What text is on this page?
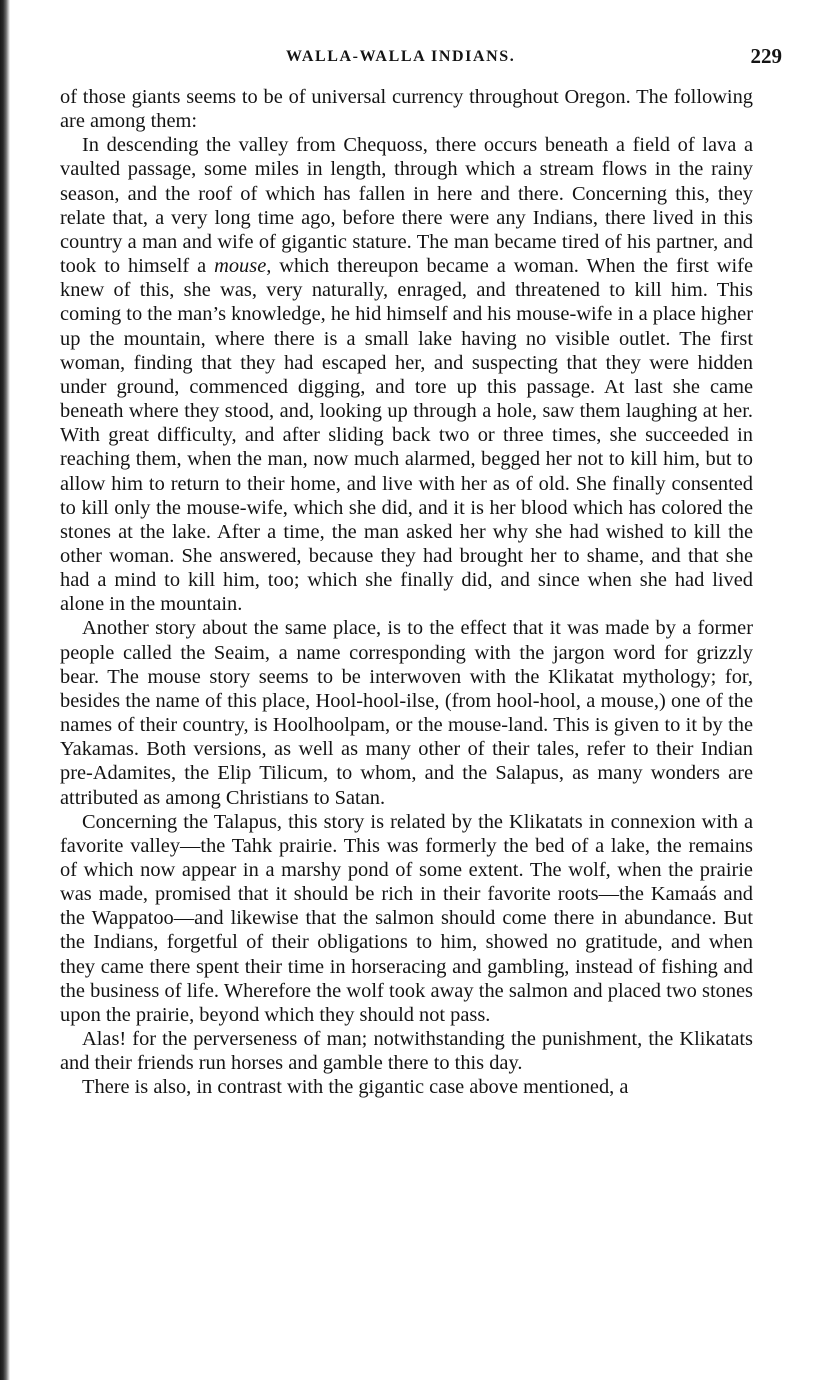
WALLA-WALLA INDIANS.	229

of those giants seems to be of universal currency throughout Oregon. The following are among them:

In descending the valley from Chequoss, there occurs beneath a field of lava a vaulted passage, some miles in length, through which a stream flows in the rainy season, and the roof of which has fallen in here and there. Concerning this, they relate that, a very long time ago, before there were any Indians, there lived in this country a man and wife of gigantic stature. The man became tired of his partner, and took to himself a mouse, which thereupon became a woman. When the first wife knew of this, she was, very naturally, enraged, and threatened to kill him. This coming to the man’s knowledge, he hid himself and his mouse-wife in a place higher up the mountain, where there is a small lake having no visible outlet. The first woman, finding that they had escaped her, and suspecting that they were hidden under ground, commenced digging, and tore up this passage. At last she came beneath where they stood, and, looking up through a hole, saw them laughing at her. With great difficulty, and after sliding back two or three times, she succeeded in reaching them, when the man, now much alarmed, begged her not to kill him, but to allow him to return to their home, and live with her as of old. She finally consented to kill only the mouse-wife, which she did, and it is her blood which has colored the stones at the lake. After a time, the man asked her why she had wished to kill the other woman. She answered, because they had brought her to shame, and that she had a mind to kill him, too; which she finally did, and since when she had lived alone in the mountain.

Another story about the same place, is to the effect that it was made by a former people called the Seaim, a name corresponding with the jargon word for grizzly bear. The mouse story seems to be interwoven with the Klikatat mythology; for, besides the name of this place, Hool-hool-ilse, (from hool-hool, a mouse,) one of the names of their country, is Hoolhoolpam, or the mouse-land. This is given to it by the Yakamas. Both versions, as well as many other of their tales, refer to their Indian pre-Adamites, the Elip Tilicum, to whom, and the Salapus, as many wonders are attributed as among Christians to Satan.

Concerning the Talapus, this story is related by the Klikatats in connexion with a favorite valley—the Tahk prairie. This was formerly the bed of a lake, the remains of which now appear in a marshy pond of some extent. The wolf, when the prairie was made, promised that it should be rich in their favorite roots—the Kamaás and the Wappatoo—and likewise that the salmon should come there in abundance. But the Indians, forgetful of their obligations to him, showed no gratitude, and when they came there spent their time in horseracing and gambling, instead of fishing and the business of life. Wherefore the wolf took away the salmon and placed two stones upon the prairie, beyond which they should not pass.

Alas! for the perverseness of man; notwithstanding the punishment, the Klikatats and their friends run horses and gamble there to this day.

There is also, in contrast with the gigantic case above mentioned, a
